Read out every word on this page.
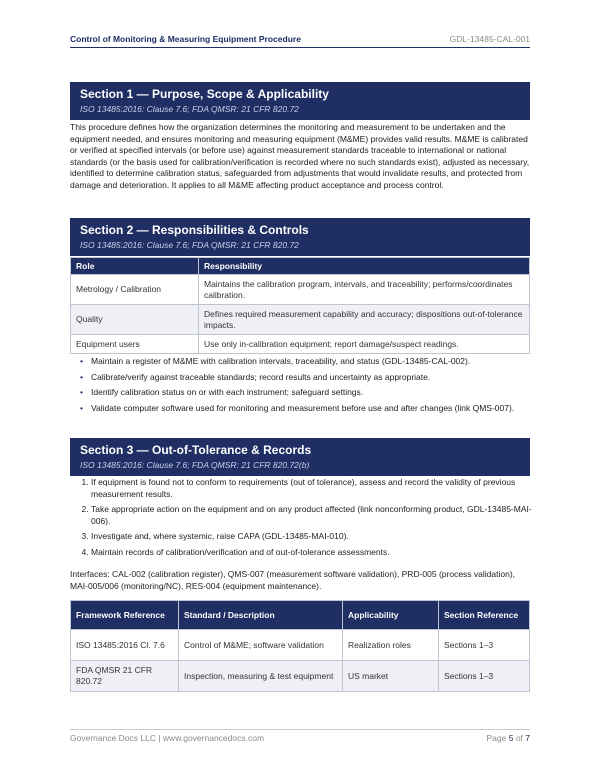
Control of Monitoring & Measuring Equipment Procedure	GDL-13485-CAL-001
Section 1 — Purpose, Scope & Applicability
ISO 13485:2016: Clause 7.6; FDA QMSR: 21 CFR 820.72

This procedure defines how the organization determines the monitoring and measurement to be undertaken and the equipment needed, and ensures monitoring and measuring equipment (M&ME) provides valid results. M&ME is calibrated or verified at specified intervals (or before use) against measurement standards traceable to international or national standards (or the basis used for calibration/verification is recorded where no such standards exist), adjusted as necessary, identified to determine calibration status, safeguarded from adjustments that would invalidate results, and protected from damage and deterioration. It applies to all M&ME affecting product acceptance and process control.

Section 2 — Responsibilities & Controls
ISO 13485:2016: Clause 7.6; FDA QMSR: 21 CFR 820.72
Role	Responsibility
Metrology / Calibration	Maintains the calibration program, intervals, and traceability; performs/coordinates calibration.
Quality	Defines required measurement capability and accuracy; dispositions out-of-tolerance impacts.
Equipment users	Use only in-calibration equipment; report damage/suspect readings.
• Maintain a register of M&ME with calibration intervals, traceability, and status (GDL-13485-CAL-002).
• Calibrate/verify against traceable standards; record results and uncertainty as appropriate.
• Identify calibration status on or with each instrument; safeguard settings.
• Validate computer software used for monitoring and measurement before use and after changes (link QMS-007).
Section 3 — Out-of-Tolerance & Records
ISO 13485:2016: Clause 7.6; FDA QMSR: 21 CFR 820.72(b)
1. If equipment is found not to conform to requirements (out of tolerance), assess and record the validity of previous measurement results.
2. Take appropriate action on the equipment and on any product affected (link nonconforming product, GDL-13485-MAI-006).
3. Investigate and, where systemic, raise CAPA (GDL-13485-MAI-010).
4. Maintain records of calibration/verification and of out-of-tolerance assessments.

Interfaces: CAL-002 (calibration register), QMS-007 (measurement software validation), PRD-005 (process validation), MAI-005/006 (monitoring/NC), RES-004 (equipment maintenance).

Framework Reference	Standard / Description	Applicability	Section Reference
ISO 13485:2016 Cl. 7.6	Control of M&ME; software validation	Realization roles	Sections 1–3
FDA QMSR 21 CFR 820.72	Inspection, measuring & test equipment	US market	Sections 1–3
Governance Docs LLC | www.governancedocs.com	Page 5 of 7
